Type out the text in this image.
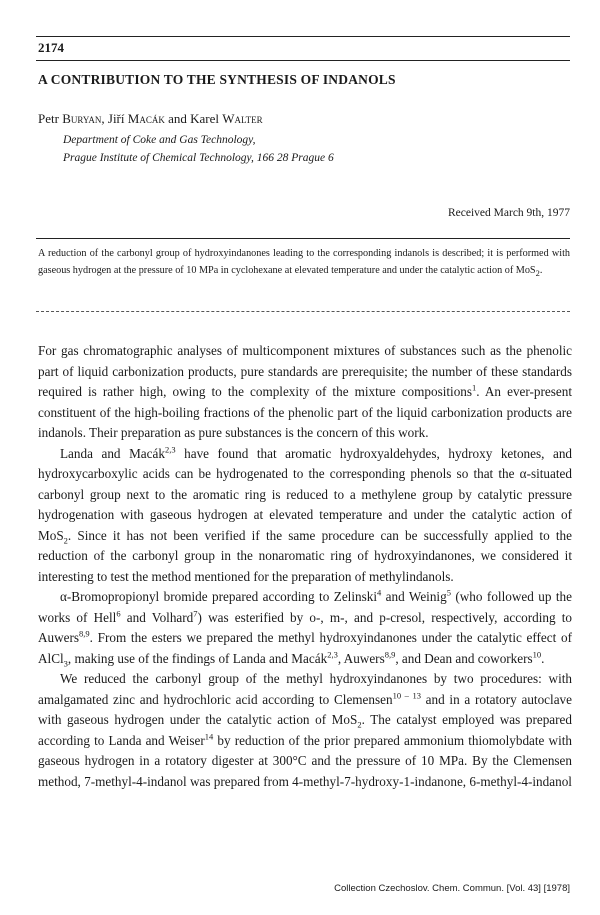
2174
A CONTRIBUTION TO THE SYNTHESIS OF INDANOLS
Petr Buryan, Jiří Macák and Karel Walter
Department of Coke and Gas Technology,
Prague Institute of Chemical Technology, 166 28 Prague 6
Received March 9th, 1977
A reduction of the carbonyl group of hydroxyindanones leading to the corresponding indanols is described; it is performed with gaseous hydrogen at the pressure of 10 MPa in cyclohexane at elevated temperature and under the catalytic action of MoS$_2$.

For gas chromatographic analyses of multicomponent mixtures of substances such as the phenolic part of liquid carbonization products, pure standards are prerequisite; the number of these standards required is rather high, owing to the complexity of the mixture compositions$^1$. An ever-present constituent of the high-boiling fractions of the phenolic part of the liquid carbonization products are indanols. Their preparation as pure substances is the concern of this work.

Landa and Macák$^{2,3}$ have found that aromatic hydroxyaldehydes, hydroxy ketones, and hydroxycarboxylic acids can be hydrogenated to the corresponding phenols so that the α-situated carbonyl group next to the aromatic ring is reduced to a methylene group by catalytic pressure hydrogenation with gaseous hydrogen at elevated temperature and under the catalytic action of MoS$_2$. Since it has not been verified if the same procedure can be successfully applied to the reduction of the carbonyl group in the nonaromatic ring of hydroxyindanones, we considered it interesting to test the method mentioned for the preparation of methylindanols.

α-Bromopropionyl bromide prepared according to Zelinski$^4$ and Weinig$^5$ (who followed up the works of Hell$^6$ and Volhard$^7$) was esterified by o-, m-, and p-cresol, respectively, according to Auwers$^{8,9}$. From the esters we prepared the methyl hydroxyindanones under the catalytic effect of AlCl$_3$, making use of the findings of Landa and Macák$^{2,3}$, Auwers$^{8,9}$, and Dean and coworkers$^{10}$.

We reduced the carbonyl group of the methyl hydroxyindanones by two procedures: with amalgamated zinc and hydrochloric acid according to Clemensen$^{10 - 13}$ and in a rotatory autoclave with gaseous hydrogen under the catalytic action of MoS$_2$. The catalyst employed was prepared according to Landa and Weiser$^{14}$ by reduction of the prior prepared ammonium thiomolybdate with gaseous hydrogen in a rotatory digester at 300°C and the pressure of 10 MPa. By the Clemensen method, 7-methyl-4-indanol was prepared from 4-methyl-7-hydroxy-1-indanone, 6-methyl-4-indanol

Collection Czechoslov. Chem. Commun. [Vol. 43] [1978]
